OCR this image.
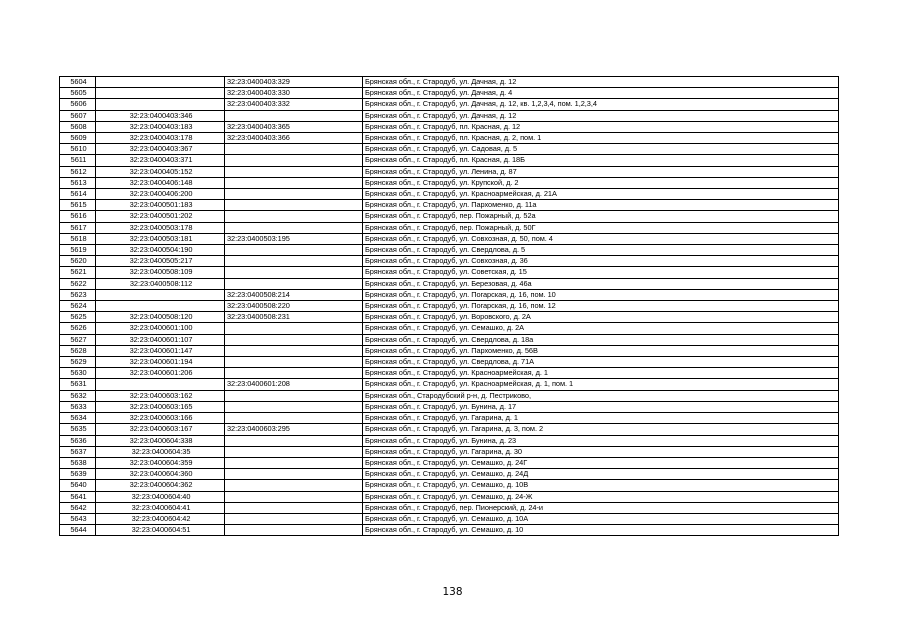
5604		32:23:0400403:329	Брянская обл., г. Стародуб, ул. Дачная, д. 12
5605		32:23:0400403:330	Брянская обл., г. Стародуб, ул. Дачная, д. 4
5606		32:23:0400403:332	Брянская обл., г. Стародуб, ул. Дачная, д. 12, кв. 1,2,3,4, пом. 1,2,3,4
5607	32:23:0400403:346		Брянская обл., г. Стародуб, ул. Дачная, д. 12
5608	32:23:0400403:183	32:23:0400403:365	Брянская обл., г. Стародуб, пл. Красная, д. 12
5609	32:23:0400403:178	32:23:0400403:366	Брянская обл., г. Стародуб, пл. Красная, д. 2, пом. 1
5610	32:23:0400403:367		Брянская обл., г. Стародуб, ул. Садовая, д. 5
5611	32:23:0400403:371		Брянская обл., г. Стародуб, пл. Красная, д. 18Б
5612	32:23:0400405:152		Брянская обл., г. Стародуб, ул. Ленина, д. 87
5613	32:23:0400406:148		Брянская обл., г. Стародуб, ул. Крупской, д. 2
5614	32:23:0400406:200		Брянская обл., г. Стародуб, ул. Красноармейская, д. 21А
5615	32:23:0400501:183		Брянская обл., г. Стародуб, ул. Пархоменко, д. 11а
5616	32:23:0400501:202		Брянская обл., г. Стародуб, пер. Пожарный, д. 52а
5617	32:23:0400503:178		Брянская обл., г. Стародуб, пер. Пожарный, д. 50Г
5618	32:23:0400503:181	32:23:0400503:195	Брянская обл., г. Стародуб, ул. Совхозная, д. 50, пом. 4
5619	32:23:0400504:190		Брянская обл., г. Стародуб, ул. Свердлова, д. 5
5620	32:23:0400505:217		Брянская обл., г. Стародуб, ул. Совхозная, д. 36
5621	32:23:0400508:109		Брянская обл., г. Стародуб, ул. Советская, д. 15
5622	32:23:0400508:112		Брянская обл., г. Стародуб, ул. Березовая, д. 46а
5623		32:23:0400508:214	Брянская обл., г. Стародуб, ул. Погарская, д. 16, пом. 10
5624		32:23:0400508:220	Брянская обл., г. Стародуб, ул. Погарская, д. 16, пом. 12
5625	32:23:0400508:120	32:23:0400508:231	Брянская обл., г. Стародуб, ул. Воровского, д. 2А
5626	32:23:0400601:100		Брянская обл., г. Стародуб, ул. Семашко, д. 2А
5627	32:23:0400601:107		Брянская обл., г. Стародуб, ул. Свердлова, д. 18а
5628	32:23:0400601:147		Брянская обл., г. Стародуб, ул. Пархоменко, д. 56В
5629	32:23:0400601:194		Брянская обл., г. Стародуб, ул. Свердлова, д. 71А
5630	32:23:0400601:206		Брянская обл., г. Стародуб, ул. Красноармейская, д. 1
5631		32:23:0400601:208	Брянская обл., г. Стародуб, ул. Красноармейская, д. 1, пом. 1
5632	32:23:0400603:162		Брянская обл., Стародубский р-н, д. Пестриково,
5633	32:23:0400603:165		Брянская обл., г. Стародуб, ул. Бунина, д. 17
5634	32:23:0400603:166		Брянская обл., г. Стародуб, ул. Гагарина, д. 1
5635	32:23:0400603:167	32:23:0400603:295	Брянская обл., г. Стародуб, ул. Гагарина, д. 3, пом. 2
5636	32:23:0400604:338		Брянская обл., г. Стародуб, ул. Бунина, д. 23
5637	32:23:0400604:35		Брянская обл., г. Стародуб, ул. Гагарина, д. 30
5638	32:23:0400604:359		Брянская обл., г. Стародуб, ул. Семашко, д. 24Г
5639	32:23:0400604:360		Брянская обл., г. Стародуб, ул. Семашко, д. 24Д
5640	32:23:0400604:362		Брянская обл., г. Стародуб, ул. Семашко, д. 10В
5641	32:23:0400604:40		Брянская обл., г. Стародуб, ул. Семашко, д. 24-Ж
5642	32:23:0400604:41		Брянская обл., г. Стародуб, пер. Пионерский, д. 24-и
5643	32:23:0400604:42		Брянская обл., г. Стародуб, ул. Семашко, д. 10А
5644	32:23:0400604:51		Брянская обл., г. Стародуб, ул. Семашко, д. 10
138
